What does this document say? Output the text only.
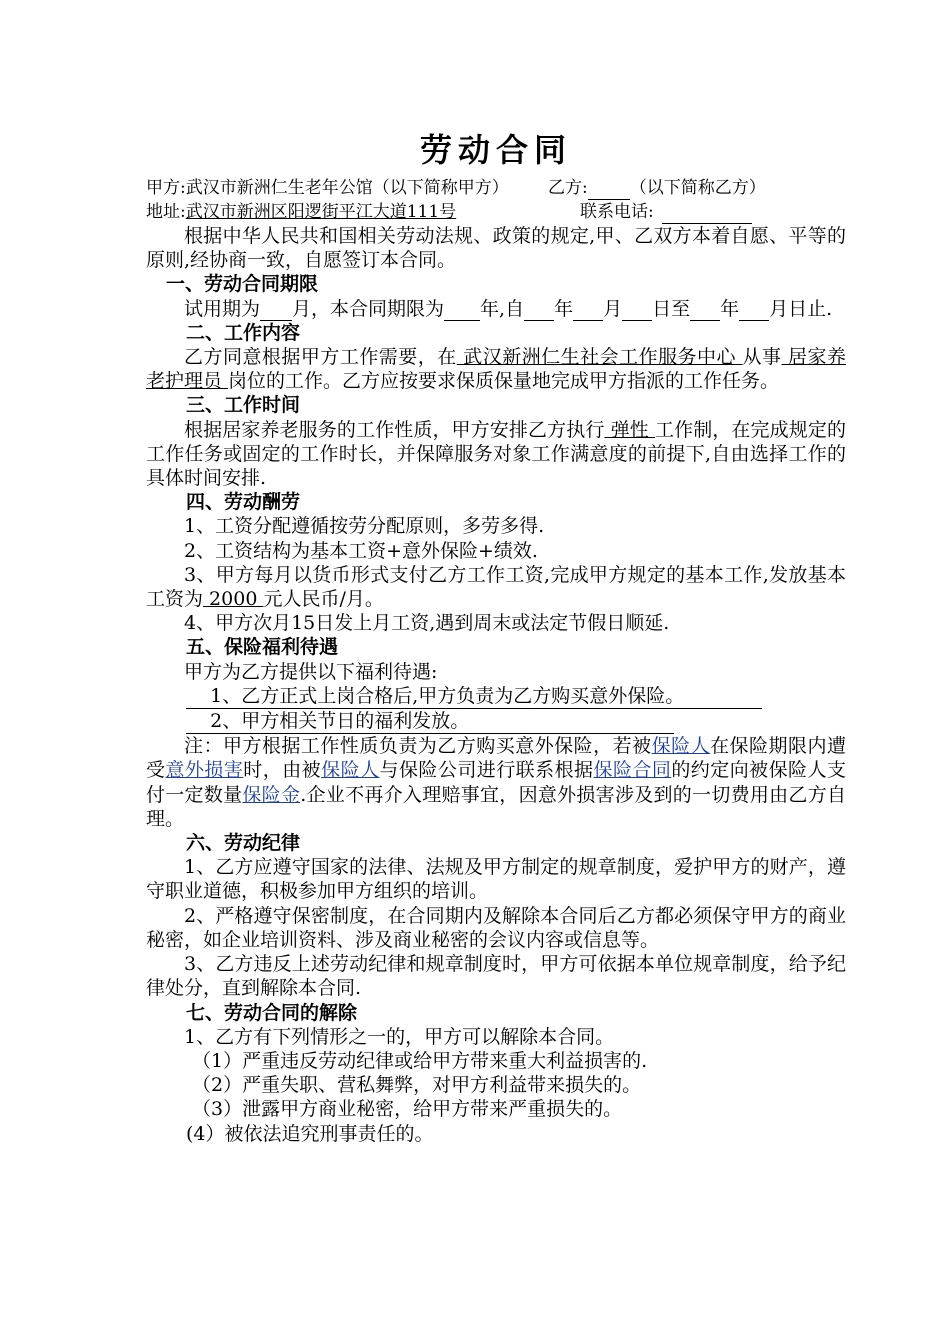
劳动合同
甲方:武汉市新洲仁生老年公馆（以下简称甲方） 乙方: （以下简称乙方）
地址:武汉市新洲区阳逻街平江大道111号	联系电话:

根据中华人民共和国相关劳动法规、政策的规定,甲、乙双方本着自愿、平等的原则,经协商一致，自愿签订本合同。

一、劳动合同期限

试用期为 月，本合同期限为 年,自 年 月 日至 年 月日止.

二、工作内容

乙方同意根据甲方工作需要，在 武汉新洲仁生社会工作服务中心 从事 居家养老护理员 岗位的工作。乙方应按要求保质保量地完成甲方指派的工作任务。

三、工作时间

根据居家养老服务的工作性质，甲方安排乙方执行 弹性 工作制，在完成规定的工作任务或固定的工作时长，并保障服务对象工作满意度的前提下,自由选择工作的具体时间安排.

四、劳动酬劳

1、工资分配遵循按劳分配原则，多劳多得.

2、工资结构为基本工资+意外保险+绩效.

3、甲方每月以货币形式支付乙方工作工资,完成甲方规定的基本工作,发放基本工资为 2000 元人民币/月。

4、甲方次月15日发上月工资,遇到周末或法定节假日顺延.

五、保险福利待遇

甲方为乙方提供以下福利待遇:

1、乙方正式上岗合格后,甲方负责为乙方购买意外保险。

2、甲方相关节日的福利发放。

注：甲方根据工作性质负责为乙方购买意外保险，若被保险人在保险期限内遭受意外损害时，由被保险人与保险公司进行联系根据保险合同的约定向被保险人支付一定数量保险金.企业不再介入理赔事宜，因意外损害涉及到的一切费用由乙方自理。

六、劳动纪律

1、乙方应遵守国家的法律、法规及甲方制定的规章制度，爱护甲方的财产，遵守职业道德，积极参加甲方组织的培训。

2、严格遵守保密制度，在合同期内及解除本合同后乙方都必须保守甲方的商业秘密，如企业培训资料、涉及商业秘密的会议内容或信息等。

3、乙方违反上述劳动纪律和规章制度时，甲方可依据本单位规章制度，给予纪律处分，直到解除本合同.

七、劳动合同的解除

1、乙方有下列情形之一的，甲方可以解除本合同。

（1）严重违反劳动纪律或给甲方带来重大利益损害的.

（2）严重失职、营私舞弊，对甲方利益带来损失的。

（3）泄露甲方商业秘密，给甲方带来严重损失的。

(4）被依法追究刑事责任的。
